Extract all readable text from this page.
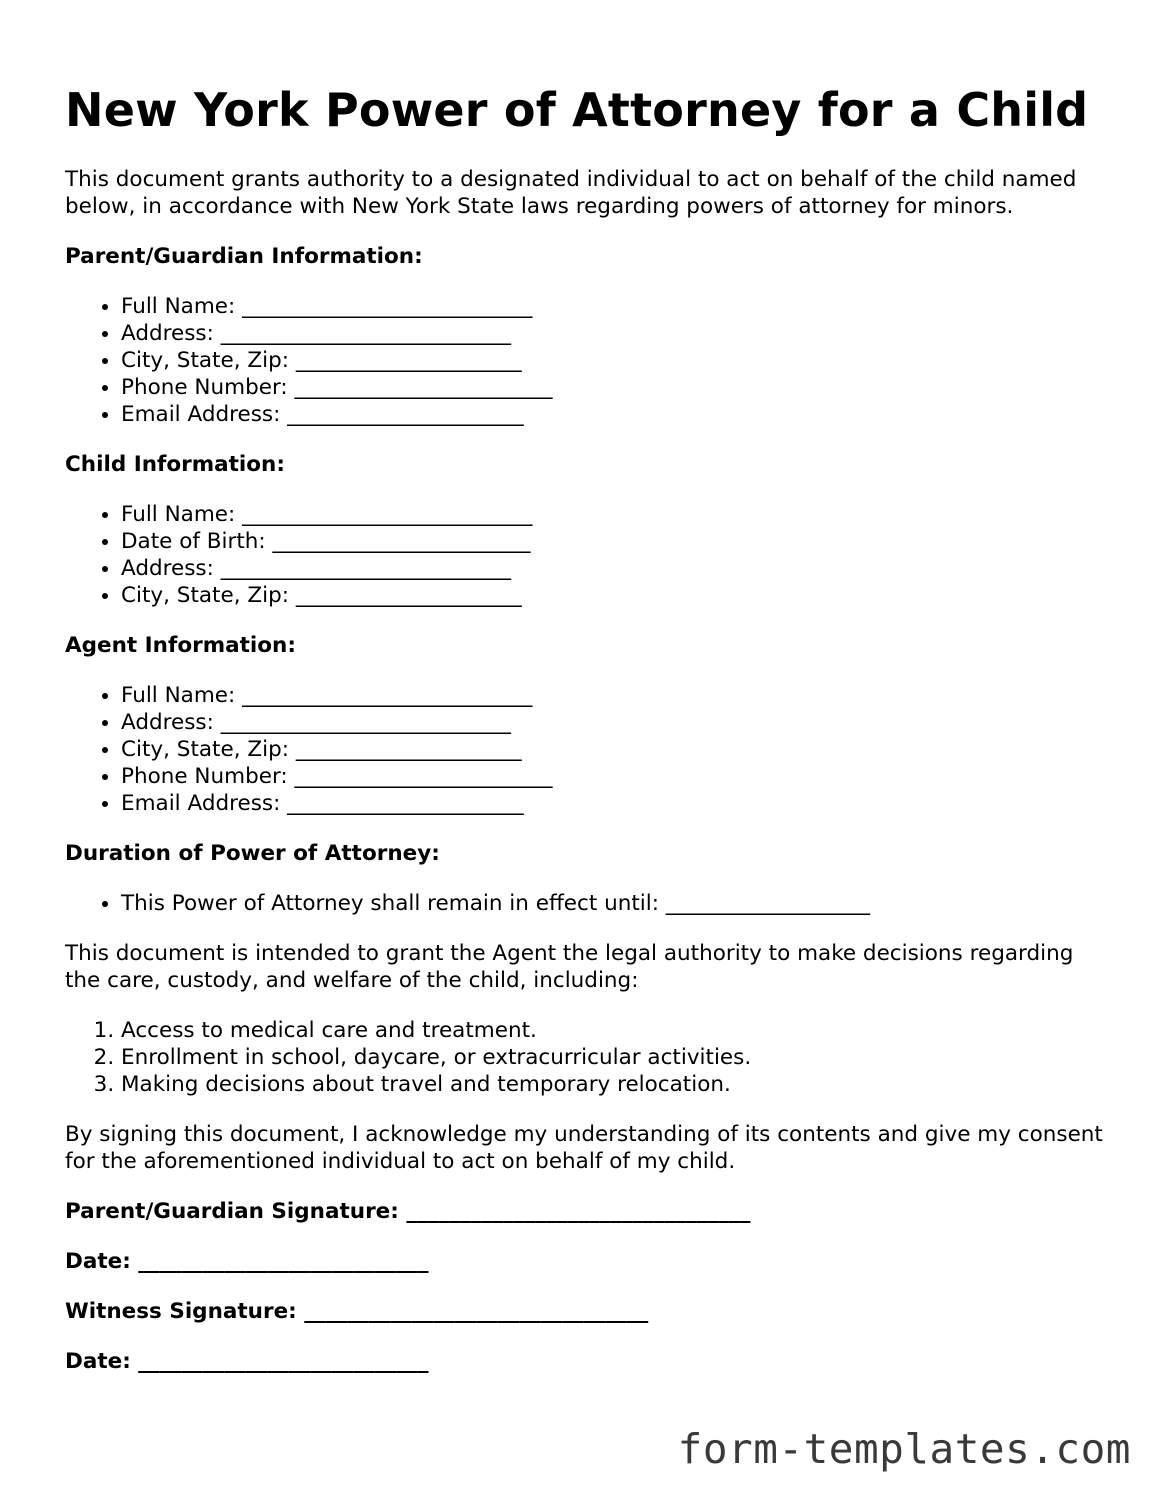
New York Power of Attorney for a Child

This document grants authority to a designated individual to act on behalf of the child named below, in accordance with New York State laws regarding powers of attorney for minors.

Parent/Guardian Information:
• Full Name: ___________________________
• Address: ___________________________
• City, State, Zip: _____________________
• Phone Number: ________________________
• Email Address: ______________________
Child Information:
• Full Name: ___________________________
• Date of Birth: ________________________
• Address: ___________________________
• City, State, Zip: _____________________
Agent Information:
• Full Name: ___________________________
• Address: ___________________________
• City, State, Zip: _____________________
• Phone Number: ________________________
• Email Address: ______________________
Duration of Power of Attorney:
• This Power of Attorney shall remain in effect until: ___________________

This document is intended to grant the Agent the legal authority to make decisions regarding the care, custody, and welfare of the child, including:

1. Access to medical care and treatment.
2. Enrollment in school, daycare, or extracurricular activities.
3. Making decisions about travel and temporary relocation.

By signing this document, I acknowledge my understanding of its contents and give my consent for the aforementioned individual to act on behalf of my child.

Parent/Guardian Signature: ________________________________
Date: ___________________________
Witness Signature: ________________________________
Date: ___________________________
form-templates.com
